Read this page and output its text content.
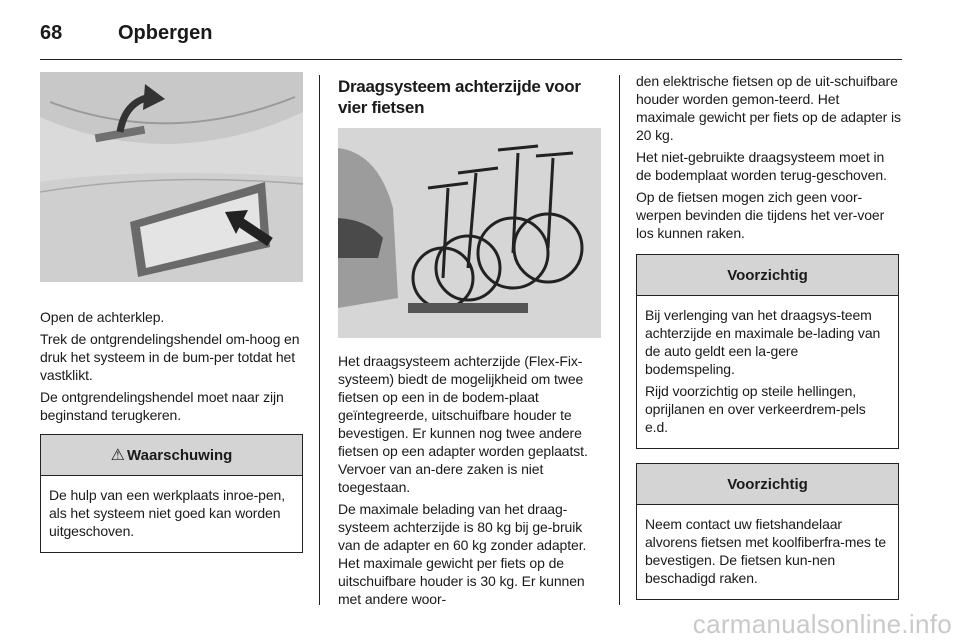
68	Opbergen

Open de achterklep.

Trek de ontgrendelingshendel om-hoog en druk het systeem in de bum-per totdat het vastklikt.

De ontgrendelingshendel moet naar zijn beginstand terugkeren.

⚠ Waarschuwing

De hulp van een werkplaats inroe-pen, als het systeem niet goed kan worden uitgeschoven.

Draagsysteem achterzijde voor vier fietsen

Het draagsysteem achterzijde (Flex-Fix-systeem) biedt de mogelijkheid om twee fietsen op een in de bodem-plaat geïntegreerde, uitschuifbare houder te bevestigen. Er kunnen nog twee andere fietsen op een adapter worden geplaatst. Vervoer van an-dere zaken is niet toegestaan.

De maximale belading van het draag-systeem achterzijde is 80 kg bij ge-bruik van de adapter en 60 kg zonder adapter. Het maximale gewicht per fiets op de uitschuifbare houder is 30 kg. Er kunnen met andere woor-

den elektrische fietsen op de uit-schuifbare houder worden gemon-teerd. Het maximale gewicht per fiets op de adapter is 20 kg.

Het niet-gebruikte draagsysteem moet in de bodemplaat worden terug-geschoven.

Op de fietsen mogen zich geen voor-werpen bevinden die tijdens het ver-voer los kunnen raken.

Voorzichtig

Bij verlenging van het draagsys-teem achterzijde en maximale be-lading van de auto geldt een la-gere bodemspeling.

Rijd voorzichtig op steile hellingen, oprijlanen en over verkeerdrem-pels e.d.

Voorzichtig

Neem contact uw fietshandelaar alvorens fietsen met koolfiberfra-mes te bevestigen. De fietsen kun-nen beschadigd raken.

carmanualsonline.info
